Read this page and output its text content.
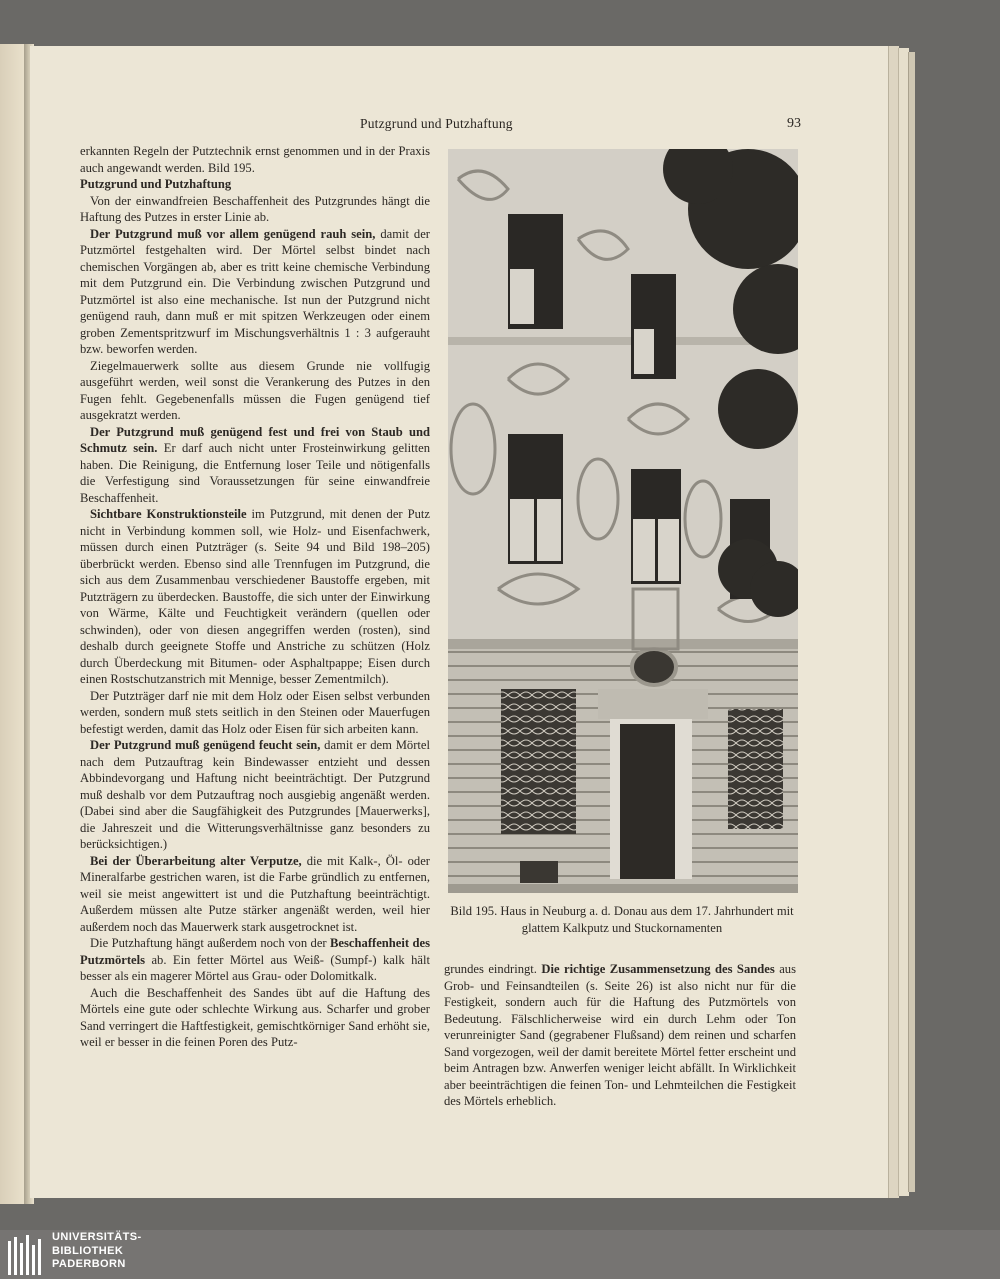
Putzgrund und Putzhaftung	93

erkannten Regeln der Putztechnik ernst genommen und in der Praxis auch angewandt werden. Bild 195.

Putzgrund und Putzhaftung

Von der einwandfreien Beschaffenheit des Putzgrundes hängt die Haftung des Putzes in erster Linie ab.

Der Putzgrund muß vor allem genügend rauh sein, damit der Putzmörtel festgehalten wird. Der Mörtel selbst bindet nach chemischen Vorgängen ab, aber es tritt keine chemische Verbindung mit dem Putzgrund ein. Die Verbindung zwischen Putzgrund und Putzmörtel ist also eine mechanische. Ist nun der Putzgrund nicht genügend rauh, dann muß er mit spitzen Werkzeugen oder einem groben Zementspritzwurf im Mischungsverhältnis 1 : 3 aufgerauht bzw. beworfen werden.

Ziegelmauerwerk sollte aus diesem Grunde nie vollfugig ausgeführt werden, weil sonst die Verankerung des Putzes in den Fugen fehlt. Gegebenenfalls müssen die Fugen genügend tief ausgekratzt werden.

Der Putzgrund muß genügend fest und frei von Staub und Schmutz sein. Er darf auch nicht unter Frosteinwirkung gelitten haben. Die Reinigung, die Entfernung loser Teile und nötigenfalls die Verfestigung sind Voraussetzungen für seine einwandfreie Beschaffenheit.

Sichtbare Konstruktionsteile im Putzgrund, mit denen der Putz nicht in Verbindung kommen soll, wie Holz- und Eisenfachwerk, müssen durch einen Putzträger (s. Seite 94 und Bild 198–205) überbrückt werden. Ebenso sind alle Trennfugen im Putzgrund, die sich aus dem Zusammenbau verschiedener Baustoffe ergeben, mit Putzträgern zu überdecken. Baustoffe, die sich unter der Einwirkung von Wärme, Kälte und Feuchtigkeit verändern (quellen oder schwinden), oder von diesen angegriffen werden (rosten), sind deshalb durch geeignete Stoffe und Anstriche zu schützen (Holz durch Überdeckung mit Bitumen- oder Asphaltpappe; Eisen durch einen Rostschutzanstrich mit Mennige, besser Zementmilch).

Der Putzträger darf nie mit dem Holz oder Eisen selbst verbunden werden, sondern muß stets seitlich in den Steinen oder Mauerfugen befestigt werden, damit das Holz oder Eisen für sich arbeiten kann.

Der Putzgrund muß genügend feucht sein, damit er dem Mörtel nach dem Putzauftrag kein Bindewasser entzieht und dessen Abbindevorgang und Haftung nicht beeinträchtigt. Der Putzgrund muß deshalb vor dem Putzauftrag noch ausgiebig angenäßt werden. (Dabei sind aber die Saugfähigkeit des Putzgrundes [Mauerwerks], die Jahreszeit und die Witterungsverhältnisse ganz besonders zu berücksichtigen.)

Bei der Überarbeitung alter Verputze, die mit Kalk-, Öl- oder Mineralfarbe gestrichen waren, ist die Farbe gründlich zu entfernen, weil sie meist angewittert ist und die Putzhaftung beeinträchtigt. Außerdem müssen alte Putze stärker angenäßt werden, weil hier außerdem noch das Mauerwerk stark ausgetrocknet ist.

Die Putzhaftung hängt außerdem noch von der Beschaffenheit des Putzmörtels ab. Ein fetter Mörtel aus Weiß- (Sumpf-) kalk hält besser als ein magerer Mörtel aus Grau- oder Dolomitkalk.

Auch die Beschaffenheit des Sandes übt auf die Haftung des Mörtels eine gute oder schlechte Wirkung aus. Scharfer und grober Sand verringert die Haftfestigkeit, gemischtkörniger Sand erhöht sie, weil er besser in die feinen Poren des Putz-

Bild 195. Haus in Neuburg a. d. Donau aus dem 17. Jahrhundert mit glattem Kalkputz und Stuckornamenten

grundes eindringt. Die richtige Zusammensetzung des Sandes aus Grob- und Feinsandteilen (s. Seite 26) ist also nicht nur für die Festigkeit, sondern auch für die Haftung des Putzmörtels von Bedeutung. Fälschlicherweise wird ein durch Lehm oder Ton verunreinigter Sand (gegrabener Flußsand) dem reinen und scharfen Sand vorgezogen, weil der damit bereitete Mörtel fetter erscheint und beim Antragen bzw. Anwerfen weniger leicht abfällt. In Wirklichkeit aber beeinträchtigen die feinen Ton- und Lehmteilchen die Festigkeit des Mörtels erheblich.

UNIVERSITÄTS-
BIBLIOTHEK
PADERBORN
